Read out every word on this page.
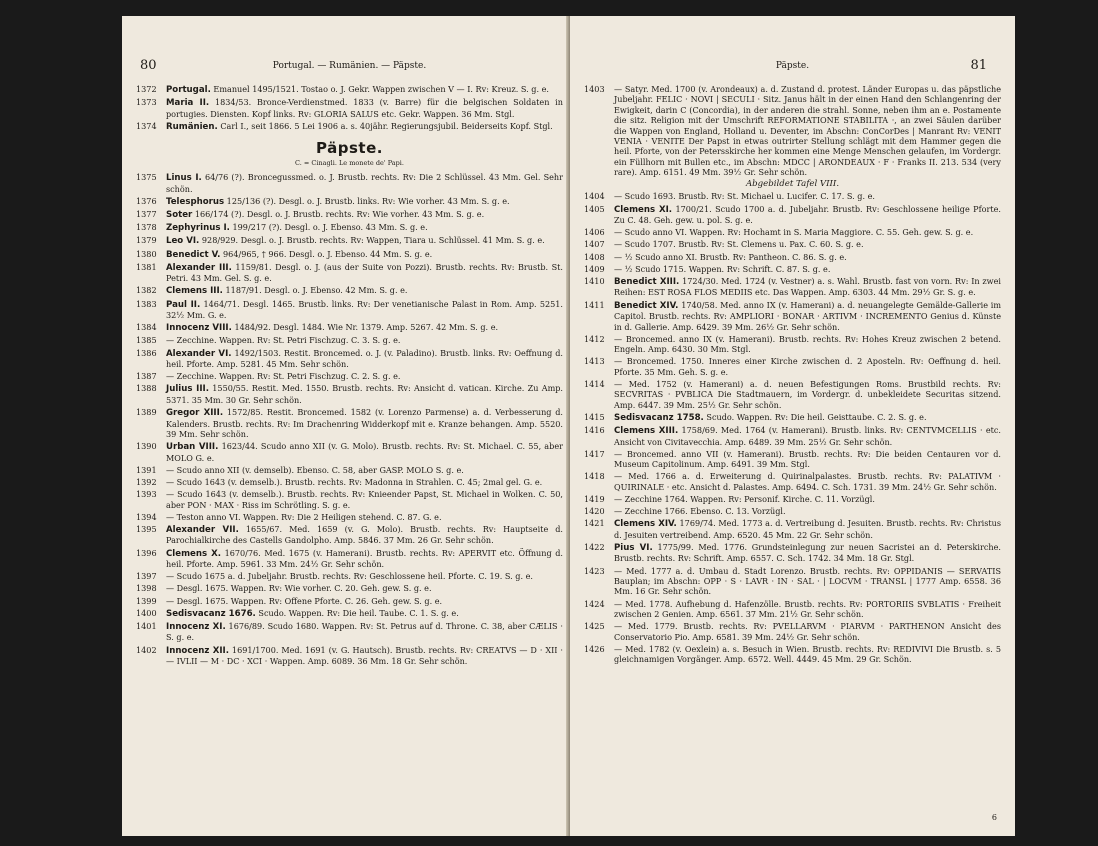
80	Portugal. — Rumänien. — Päpste.
1372	Portugal. Emanuel 1495/1521. Tostao o. J. Gekr. Wappen zwischen V — I. Rv: Kreuz. S. g. e.
1373	Maria II. 1834/53. Bronce-Verdienstmed. 1833 (v. Barre) für die belgischen Soldaten in portugies. Diensten. Kopf links. Rv: GLORIA SALUS etc. Gekr. Wappen. 36 Mm. Stgl.
1374	Rumänien. Carl I., seit 1866. 5 Lei 1906 a. s. 40jähr. Regierungsjubil. Beiderseits Kopf. Stgl.
Päpste.
C. = Cinagli. Le monete de' Papi.
1375	Linus I. 64/76 (?). Broncegussmed. o. J. Brustb. rechts. Rv: Die 2 Schlüssel. 43 Mm. Gel. Sehr schön.
1376	Telesphorus 125/136 (?). Desgl. o. J. Brustb. links. Rv: Wie vorher. 43 Mm. S. g. e.
1377	Soter 166/174 (?). Desgl. o. J. Brustb. rechts. Rv: Wie vorher. 43 Mm. S. g. e.
1378	Zephyrinus I. 199/217 (?). Desgl. o. J. Ebenso. 43 Mm. S. g. e.
1379	Leo VI. 928/929. Desgl. o. J. Brustb. rechts. Rv: Wappen, Tiara u. Schlüssel. 41 Mm. S. g. e.
1380	Benedict V. 964/965, † 966. Desgl. o. J. Ebenso. 44 Mm. S. g. e.
1381	Alexander III. 1159/81. Desgl. o. J. (aus der Suite von Pozzi). Brustb. rechts. Rv: Brustb. St. Petri. 43 Mm. Gel. S. g. e.
1382	Clemens III. 1187/91. Desgl. o. J. Ebenso. 42 Mm. S. g. e.
1383	Paul II. 1464/71. Desgl. 1465. Brustb. links. Rv: Der venetianische Palast in Rom. Amp. 5251. 32½ Mm. G. e.
1384	Innocenz VIII. 1484/92. Desgl. 1484. Wie Nr. 1379. Amp. 5267. 42 Mm. S. g. e.
1385	— Zecchine. Wappen. Rv: St. Petri Fischzug. C. 3. S. g. e.
1386	Alexander VI. 1492/1503. Restit. Broncemed. o. J. (v. Paladino). Brustb. links. Rv: Oeffnung d. heil. Pforte. Amp. 5281. 45 Mm. Sehr schön.
1387	— Zecchine. Wappen. Rv: St. Petri Fischzug. C. 2. S. g. e.
1388	Julius III. 1550/55. Restit. Med. 1550. Brustb. rechts. Rv: Ansicht d. vatican. Kirche. Zu Amp. 5371. 35 Mm. 30 Gr. Sehr schön.
1389	Gregor XIII. 1572/85. Restit. Broncemed. 1582 (v. Lorenzo Parmense) a. d. Verbesserung d. Kalenders. Brustb. rechts. Rv: Im Drachenring Widderkopf mit e. Kranze behangen. Amp. 5520. 39 Mm. Sehr schön.
1390	Urban VIII. 1623/44. Scudo anno XII (v. G. Molo). Brustb. rechts. Rv: St. Michael. C. 55, aber MOLO G. e.
1391	— Scudo anno XII (v. demselb). Ebenso. C. 58, aber GASP. MOLO S. g. e.
1392	— Scudo 1643 (v. demselb.). Brustb. rechts. Rv: Madonna in Strahlen. C. 45; 2mal gel. G. e.
1393	— Scudo 1643 (v. demselb.). Brustb. rechts. Rv: Knieender Papst, St. Michael in Wolken. C. 50, aber PON · MAX · Riss im Schrötling. S. g. e.
1394	— Teston anno VI. Wappen. Rv: Die 2 Heiligen stehend. C. 87. G. e.
1395	Alexander VII. 1655/67. Med. 1659 (v. G. Molo). Brustb. rechts. Rv: Hauptseite d. Parochialkirche des Castells Gandolpho. Amp. 5846. 37 Mm. 26 Gr. Sehr schön.
1396	Clemens X. 1670/76. Med. 1675 (v. Hamerani). Brustb. rechts. Rv: APERVIT etc. Öffnung d. heil. Pforte. Amp. 5961. 33 Mm. 24½ Gr. Sehr schön.
1397	— Scudo 1675 a. d. Jubeljahr. Brustb. rechts. Rv: Geschlossene heil. Pforte. C. 19. S. g. e.
1398	— Desgl. 1675. Wappen. Rv: Wie vorher. C. 20. Geh. gew. S. g. e.
1399	— Desgl. 1675. Wappen. Rv: Offene Pforte. C. 26. Geh. gew. S. g. e.
1400	Sedisvacanz 1676. Scudo. Wappen. Rv: Die heil. Taube. C. 1. S. g. e.
1401	Innocenz XI. 1676/89. Scudo 1680. Wappen. Rv: St. Petrus auf d. Throne. C. 38, aber CÆLIS · S. g. e.
1402	Innocenz XII. 1691/1700. Med. 1691 (v. G. Hautsch). Brustb. rechts. Rv: CREATVS — D · XII · — IVLII — M · DC · XCI · Wappen. Amp. 6089. 36 Mm. 18 Gr. Sehr schön.
Päpste.	81
1403	— Satyr. Med. 1700 (v. Arondeaux) a. d. Zustand d. protest. Länder Europas u. das päpstliche Jubeljahr. FELIC · NOVI | SECULI · Sitz. Janus hält in der einen Hand den Schlangenring der Ewigkeit, darin C (Concordia), in der anderen die strahl. Sonne, neben ihm an e. Postamente die sitz. Religion mit der Umschrift REFORMATIONE STABILITA ·, an zwei Säulen darüber die Wappen von England, Holland u. Deventer, im Abschn: ConCorDes | Manrant Rv: VENIT VENIA · VENITE Der Papst in etwas outrirter Stellung schlägt mit dem Hammer gegen die heil. Pforte, von der Petersskirche her kommen eine Menge Menschen gelaufen, im Vordergr. ein Füllhorn mit Bullen etc., im Abschn: MDCC | ARONDEAUX · F · Franks II. 213. 534 (very rare). Amp. 6151. 49 Mm. 39½ Gr. Sehr schön.
Abgebildet Tafel VIII.
1404	— Scudo 1693. Brustb. Rv: St. Michael u. Lucifer. C. 17. S. g. e.
1405	Clemens XI. 1700/21. Scudo 1700 a. d. Jubeljahr. Brustb. Rv: Geschlossene heilige Pforte. Zu C. 48. Geh. gew. u. pol. S. g. e.
1406	— Scudo anno VI. Wappen. Rv: Hochamt in S. Maria Maggiore. C. 55. Geh. gew. S. g. e.
1407	— Scudo 1707. Brustb. Rv: St. Clemens u. Pax. C. 60. S. g. e.
1408	— ½ Scudo anno XI. Brustb. Rv: Pantheon. C. 86. S. g. e.
1409	— ½ Scudo 1715. Wappen. Rv: Schrift. C. 87. S. g. e.
1410	Benedict XIII. 1724/30. Med. 1724 (v. Vestner) a. s. Wahl. Brustb. fast von vorn. Rv: In zwei Reihen: EST ROSA FLOS MEDIIS etc. Das Wappen. Amp. 6303. 44 Mm. 29½ Gr. S. g. e.
1411	Benedict XIV. 1740/58. Med. anno IX (v. Hamerani) a. d. neuangelegte Gemälde-Gallerie im Capitol. Brustb. rechts. Rv: AMPLIORI · BONAR · ARTIVM · INCREMENTO Genius d. Künste in d. Gallerie. Amp. 6429. 39 Mm. 26½ Gr. Sehr schön.
1412	— Broncemed. anno IX (v. Hamerani). Brustb. rechts. Rv: Hohes Kreuz zwischen 2 betend. Engeln. Amp. 6430. 30 Mm. Stgl.
1413	— Broncemed. 1750. Inneres einer Kirche zwischen d. 2 Aposteln. Rv: Oeffnung d. heil. Pforte. 35 Mm. Geh. S. g. e.
1414	— Med. 1752 (v. Hamerani) a. d. neuen Befestigungen Roms. Brustbild rechts. Rv: SECVRITAS · PVBLICA Die Stadtmauern, im Vordergr. d. unbekleidete Securitas sitzend. Amp. 6447. 39 Mm. 25½ Gr. Sehr schön.
1415	Sedisvacanz 1758. Scudo. Wappen. Rv: Die heil. Geisttaube. C. 2. S. g. e.
1416	Clemens XIII. 1758/69. Med. 1764 (v. Hamerani). Brustb. links. Rv: CENTVMCELLIS · etc. Ansicht von Civitavecchia. Amp. 6489. 39 Mm. 25½ Gr. Sehr schön.
1417	— Broncemed. anno VII (v. Hamerani). Brustb. rechts. Rv: Die beiden Centauren vor d. Museum Capitolinum. Amp. 6491. 39 Mm. Stgl.
1418	— Med. 1766 a. d. Erweiterung d. Quirinalpalastes. Brustb. rechts. Rv: PALATIVM · QUIRINALE · etc. Ansicht d. Palastes. Amp. 6494. C. Sch. 1731. 39 Mm. 24½ Gr. Sehr schön.
1419	— Zecchine 1764. Wappen. Rv: Personif. Kirche. C. 11. Vorzügl.
1420	— Zecchine 1766. Ebenso. C. 13. Vorzügl.
1421	Clemens XIV. 1769/74. Med. 1773 a. d. Vertreibung d. Jesuiten. Brustb. rechts. Rv: Christus d. Jesuiten vertreibend. Amp. 6520. 45 Mm. 22 Gr. Sehr schön.
1422	Pius VI. 1775/99. Med. 1776. Grundsteinlegung zur neuen Sacristei an d. Peterskirche. Brustb. rechts. Rv: Schrift. Amp. 6557. C. Sch. 1742. 34 Mm. 18 Gr. Stgl.
1423	— Med. 1777 a. d. Umbau d. Stadt Lorenzo. Brustb. rechts. Rv: OPPIDANIS — SERVATIS Bauplan; im Abschn: OPP · S · LAVR · IN · SAL · | LOCVM · TRANSL | 1777 Amp. 6558. 36 Mm. 16 Gr. Sehr schön.
1424	— Med. 1778. Aufhebung d. Hafenzölle. Brustb. rechts. Rv: PORTORIIS SVBLATIS · Freiheit zwischen 2 Genien. Amp. 6561. 37 Mm. 21½ Gr. Sehr schön.
1425	— Med. 1779. Brustb. rechts. Rv: PVELLARVM · PIARVM · PARTHENON Ansicht des Conservatorio Pio. Amp. 6581. 39 Mm. 24½ Gr. Sehr schön.
1426	— Med. 1782 (v. Oexlein) a. s. Besuch in Wien. Brustb. rechts. Rv: REDIVIVI Die Brustb. s. 5 gleichnamigen Vorgänger. Amp. 6572. Well. 4449. 45 Mm. 29 Gr. Schön.
6
